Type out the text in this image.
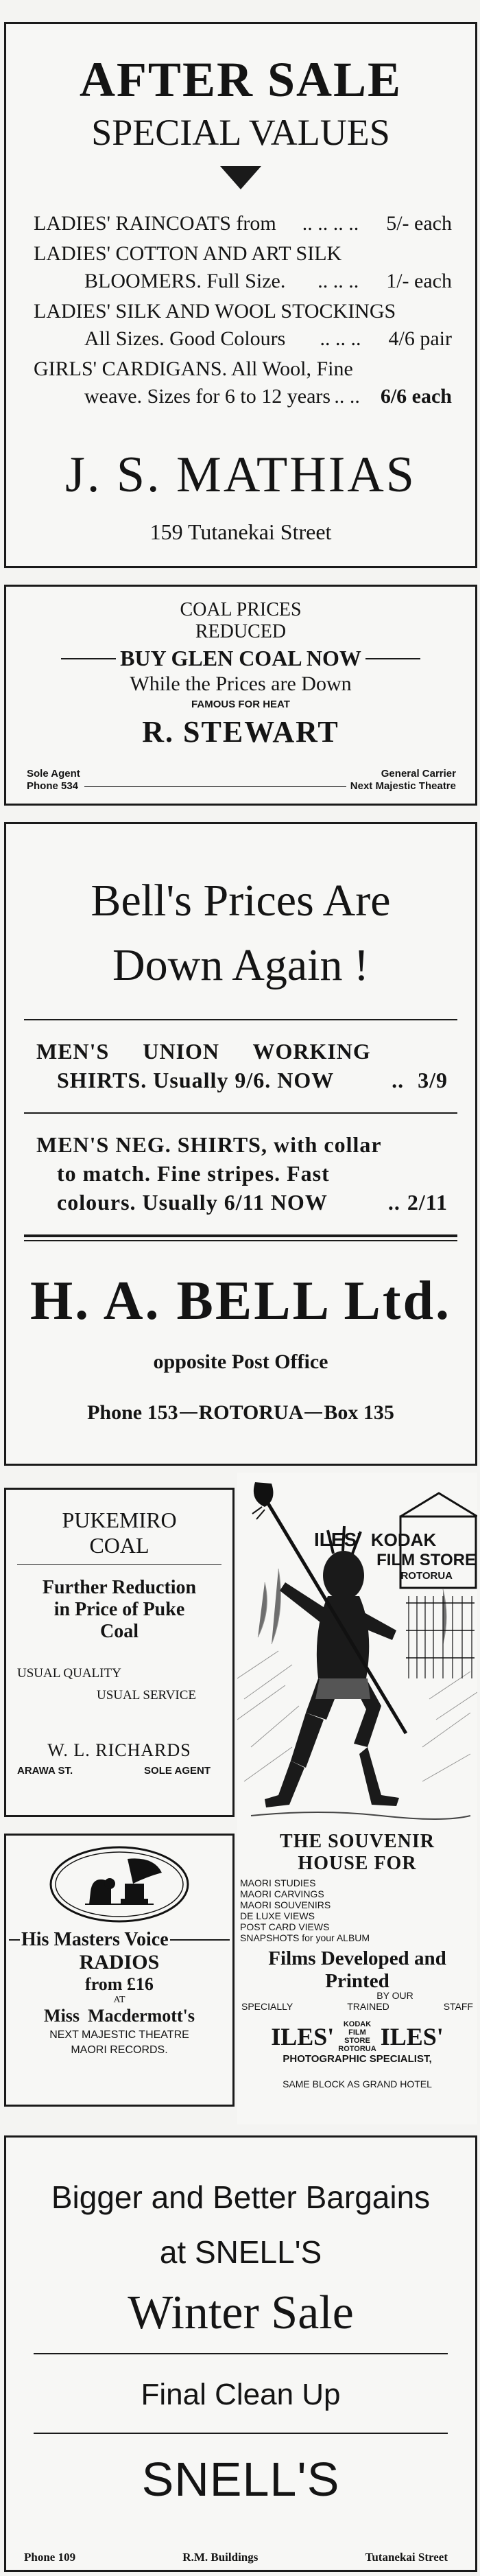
AFTER SALE
SPECIAL VALUES
LADIES' RAINCOATS from .. .. .. .. 5/- each
LADIES' COTTON AND ART SILK
BLOOMERS. Full Size. .. .. .. 1/- each
LADIES' SILK AND WOOL STOCKINGS
All Sizes. Good Colours .. .. .. 4/6 pair
GIRLS' CARDIGANS. All Wool, Fine
weave. Sizes for 6 to 12 years .. .. 6/6 each
J. S. MATHIAS
159 Tutanekai Street
COAL PRICES
REDUCED
BUY GLEN COAL NOW
While the Prices are Down
FAMOUS FOR HEAT
R. STEWART
Sole Agent
Phone 534
General Carrier
Next Majestic Theatre
Bell's Prices Are
Down Again !
MEN'S UNION WORKING
SHIRTS. Usually 9/6. NOW	.. 3/9
MEN'S NEG. SHIRTS, with collar
to match. Fine stripes. Fast
colours. Usually 6/11 NOW	.. 2/11
H. A. BELL Ltd.
opposite Post Office
Phone 153 ROTORUA Box 135
PUKEMIRO
COAL
Further Reduction
in Price of Puke
Coal
USUAL QUALITY
USUAL SERVICE
W. L. RICHARDS
ARAWA ST.	SOLE AGENT
His Masters Voice
RADIOS
from £16
AT
Miss Macdermott's
NEXT MAJESTIC THEATRE
MAORI RECORDS.
ILES' KODAK
FILM STORE
ROTORUA
THE SOUVENIR
HOUSE FOR
MAORI STUDIES
MAORI CARVINGS
MAORI SOUVENIRS
DE LUXE VIEWS
POST CARD VIEWS
SNAPSHOTS for your ALBUM
Films Developed and
Printed
BY OUR
SPECIALLY	TRAINED	STAFF
ILES'	KODAK
FILM
STORE
ROTORUA ILES'
PHOTOGRAPHIC SPECIALIST,
SAME BLOCK AS GRAND HOTEL
Bigger and Better Bargains
at SNELL'S
Winter Sale
Final Clean Up
SNELL'S
Phone 109	R.M. Buildings	Tutanekai Street
